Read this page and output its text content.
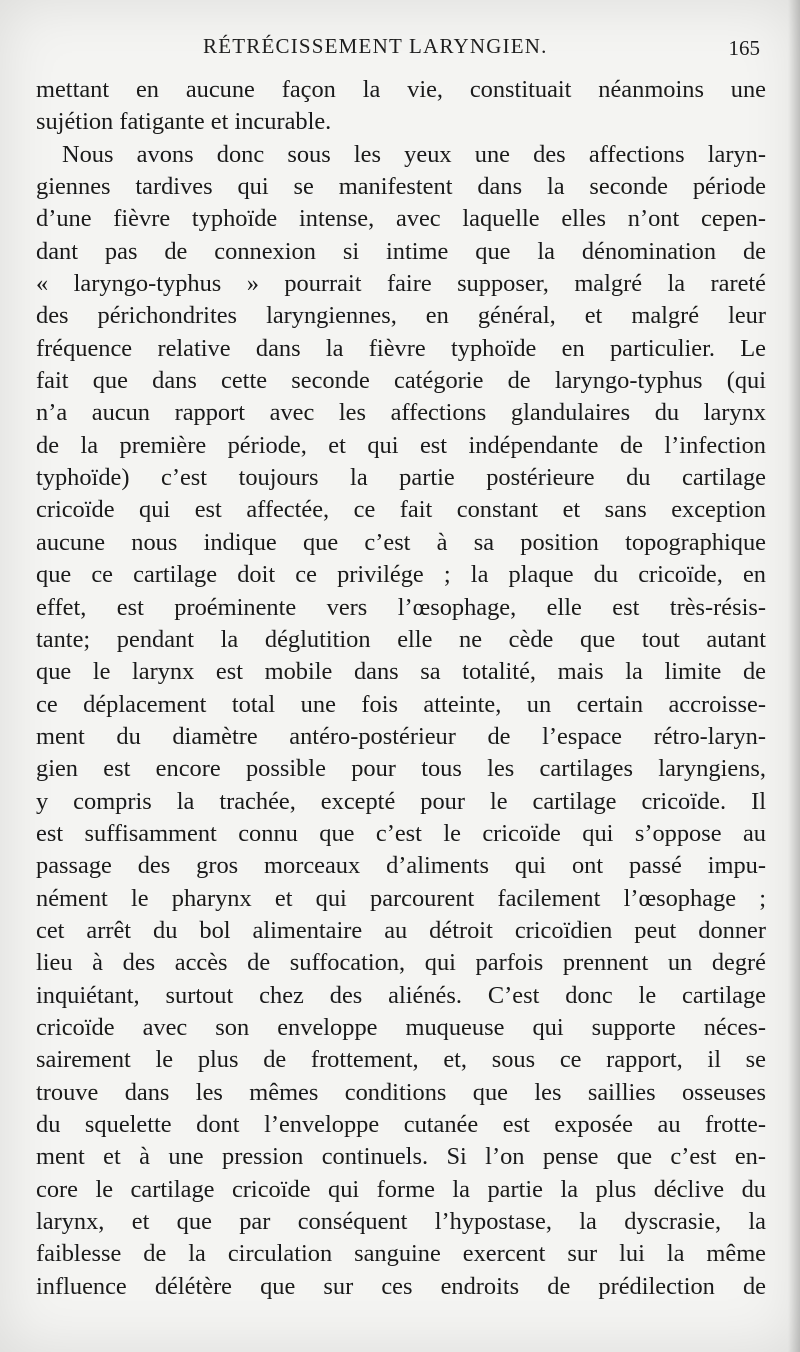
RÉTRÉCISSEMENT LARYNGIEN.	165
mettant en aucune façon la vie, constituait néanmoins une
sujétion fatigante et incurable.
Nous avons donc sous les yeux une des affections laryn-
giennes tardives qui se manifestent dans la seconde période
d’une fièvre typhoïde intense, avec laquelle elles n’ont cepen-
dant pas de connexion si intime que la dénomination de
« laryngo-typhus » pourrait faire supposer, malgré la rareté
des périchondrites laryngiennes, en général, et malgré leur
fréquence relative dans la fièvre typhoïde en particulier. Le
fait que dans cette seconde catégorie de laryngo-typhus (qui
n’a aucun rapport avec les affections glandulaires du larynx
de la première période, et qui est indépendante de l’infection
typhoïde) c’est toujours la partie postérieure du cartilage
cricoïde qui est affectée, ce fait constant et sans exception
aucune nous indique que c’est à sa position topographique
que ce cartilage doit ce privilége ; la plaque du cricoïde, en
effet, est proéminente vers l’œsophage, elle est très-résis-
tante; pendant la déglutition elle ne cède que tout autant
que le larynx est mobile dans sa totalité, mais la limite de
ce déplacement total une fois atteinte, un certain accroisse-
ment du diamètre antéro-postérieur de l’espace rétro-laryn-
gien est encore possible pour tous les cartilages laryngiens,
y compris la trachée, excepté pour le cartilage cricoïde. Il
est suffisamment connu que c’est le cricoïde qui s’oppose au
passage des gros morceaux d’aliments qui ont passé impu-
nément le pharynx et qui parcourent facilement l’œsophage ;
cet arrêt du bol alimentaire au détroit cricoïdien peut donner
lieu à des accès de suffocation, qui parfois prennent un degré
inquiétant, surtout chez des aliénés. C’est donc le cartilage
cricoïde avec son enveloppe muqueuse qui supporte néces-
sairement le plus de frottement, et, sous ce rapport, il se
trouve dans les mêmes conditions que les saillies osseuses
du squelette dont l’enveloppe cutanée est exposée au frotte-
ment et à une pression continuels. Si l’on pense que c’est en-
core le cartilage cricoïde qui forme la partie la plus déclive du
larynx, et que par conséquent l’hypostase, la dyscrasie, la
faiblesse de la circulation sanguine exercent sur lui la même
influence délétère que sur ces endroits de prédilection de
